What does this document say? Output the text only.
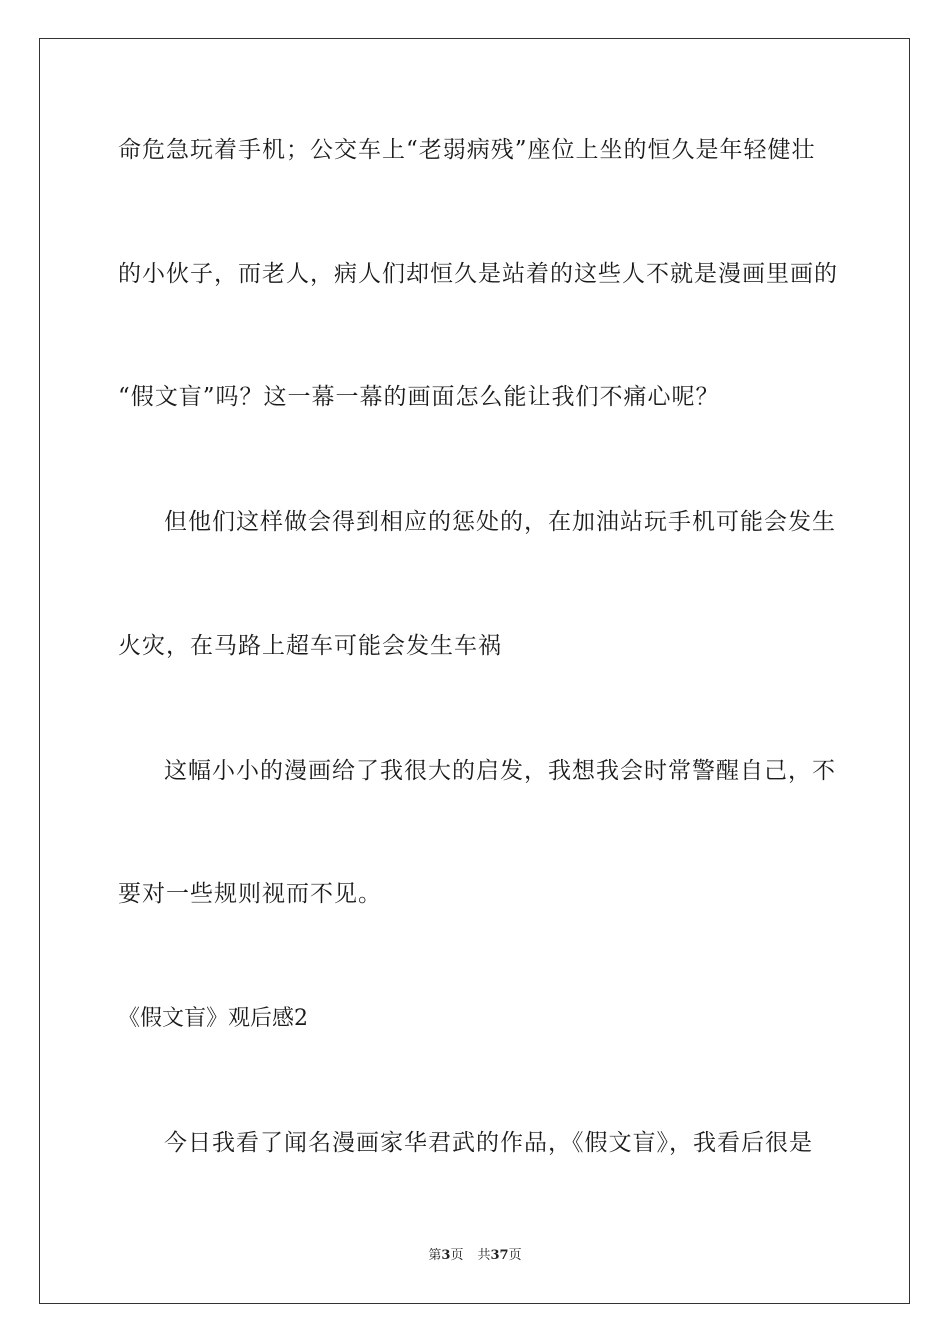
命危急玩着手机；公交车上“老弱病残”座位上坐的恒久是年轻健壮
的小伙子，而老人，病人们却恒久是站着的这些人不就是漫画里画的
“假文盲”吗？这一幕一幕的画面怎么能让我们不痛心呢？
但他们这样做会得到相应的惩处的，在加油站玩手机可能会发生
火灾，在马路上超车可能会发生车祸
这幅小小的漫画给了我很大的启发，我想我会时常警醒自己，不
要对一些规则视而不见。
《假文盲》观后感2
今日我看了闻名漫画家华君武的作品，《假文盲》，我看后很是
第3页 共37页
